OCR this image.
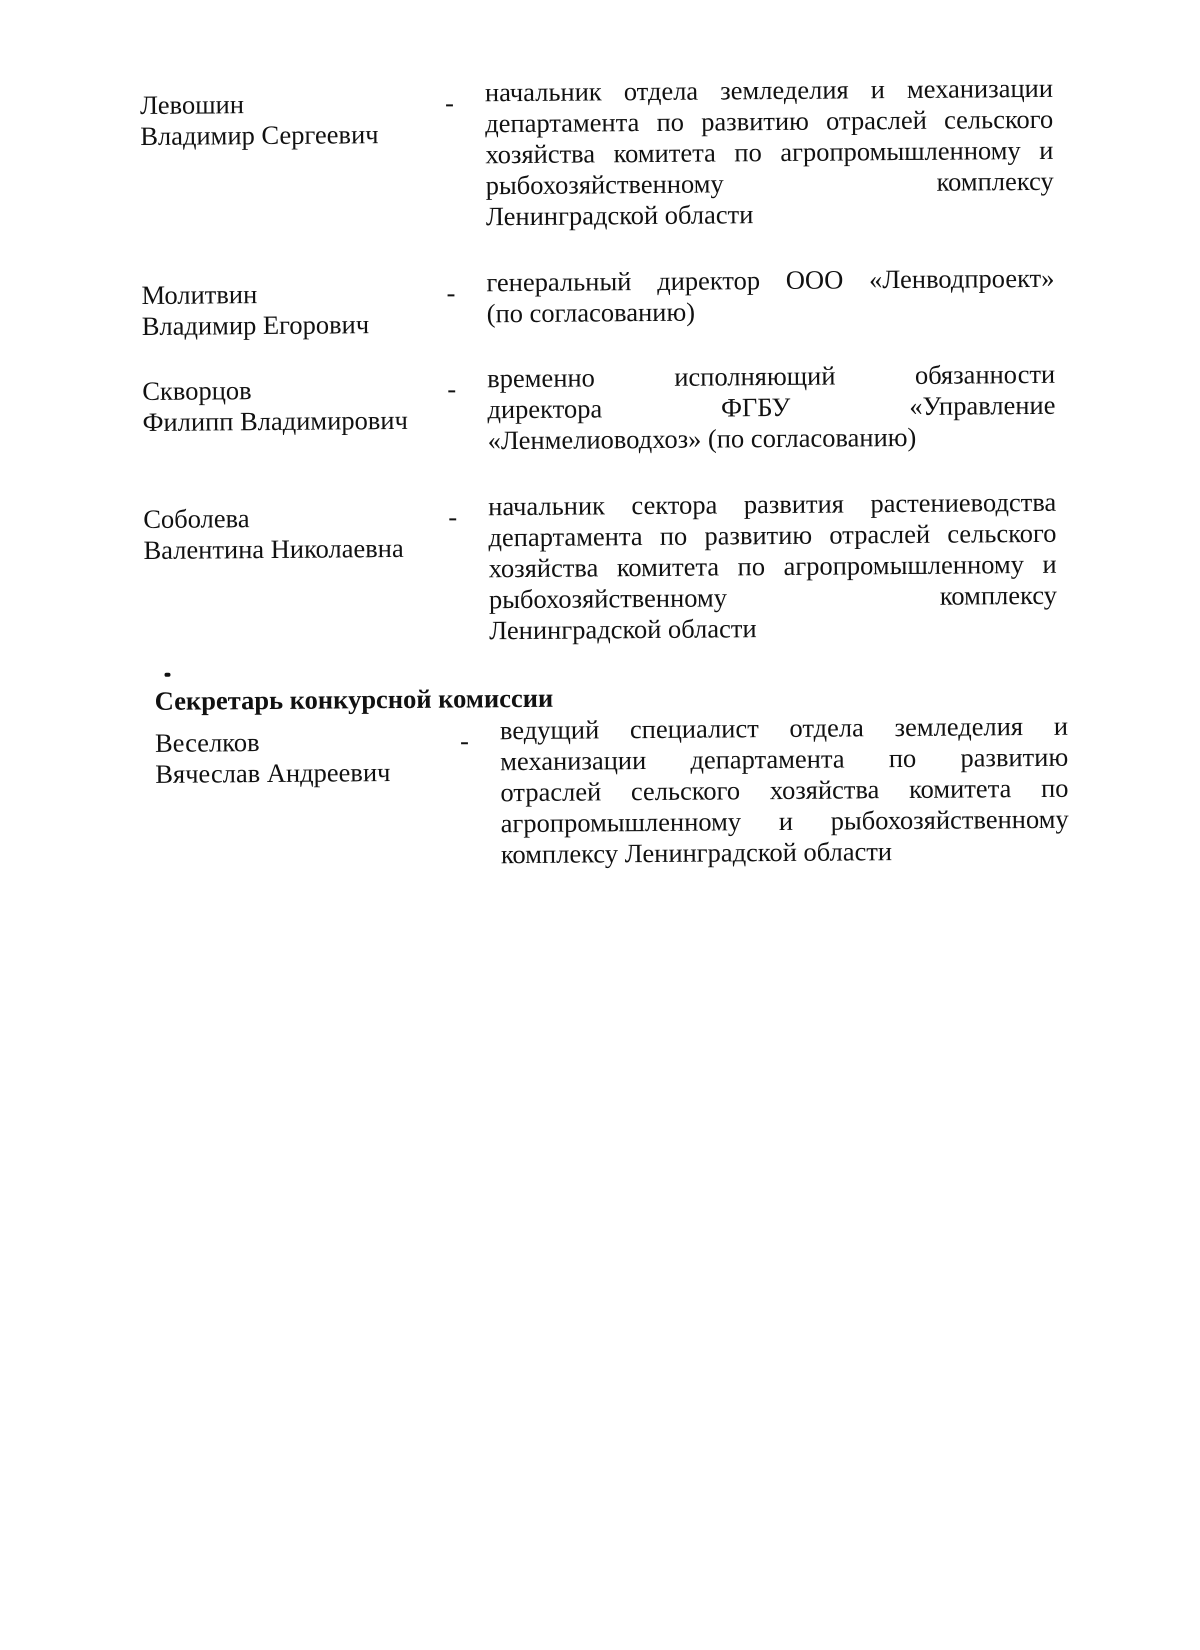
Левошин
Владимир Сергеевич
- начальник отдела земледелия и механизации
департамента по развитию отраслей сельского
хозяйства комитета по агропромышленному и
рыбохозяйственному комплексу
Ленинградской области
Молитвин
Владимир Егорович
- генеральный директор ООО «Ленводпроект»
(по согласованию)
Скворцов
Филипп Владимирович
- временно исполняющий обязанности
директора ФГБУ «Управление
«Ленмелиоводхоз» (по согласованию)
Соболева
Валентина Николаевна
- начальник сектора развития растениеводства
департамента по развитию отраслей сельского
хозяйства комитета по агропромышленному и
рыбохозяйственному комплексу
Ленинградской области
Секретарь конкурсной комиссии
Веселков
Вячеслав Андреевич
- ведущий специалист отдела земледелия и
механизации департамента по развитию
отраслей сельского хозяйства комитета по
агропромышленному и рыбохозяйственному
комплексу Ленинградской области
